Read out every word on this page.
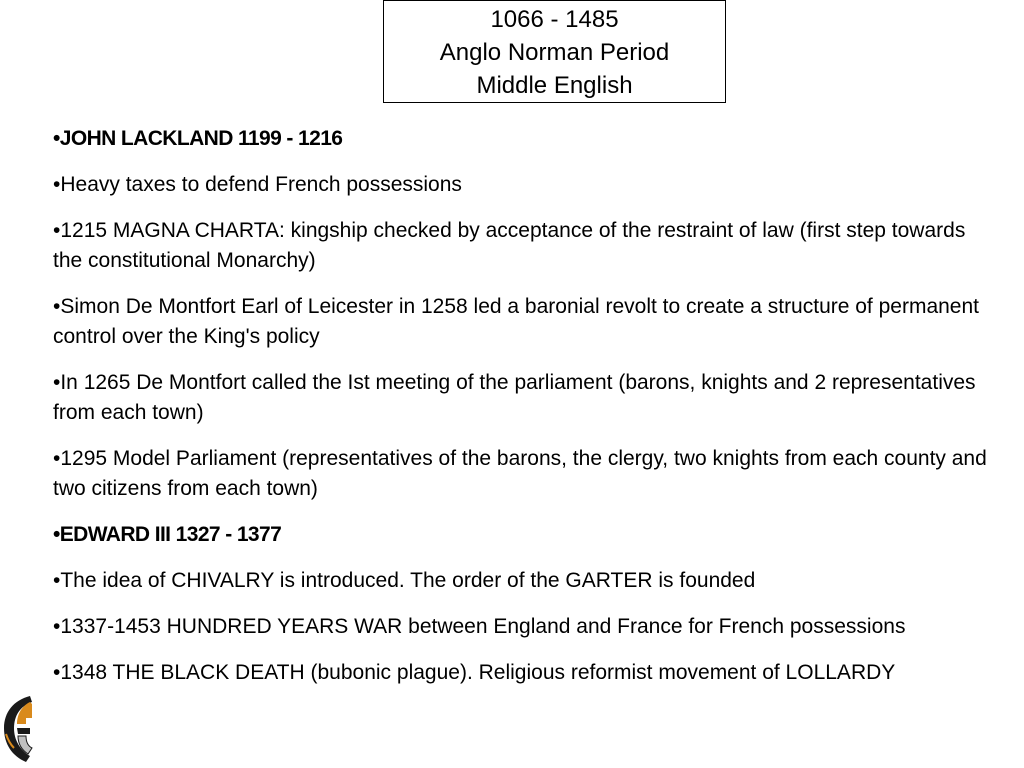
1066 - 1485
Anglo Norman Period
Middle English
•JOHN LACKLAND 1199 - 1216
•Heavy taxes to defend French possessions
•1215 MAGNA CHARTA: kingship checked by acceptance of the restraint of law (first step towards the constitutional Monarchy)
•Simon De Montfort Earl of Leicester in 1258 led a baronial revolt to create a structure of permanent control over the King's policy
•In 1265 De Montfort called the Ist meeting of the parliament (barons, knights and 2 representatives from each town)
•1295 Model Parliament (representatives of the barons, the clergy, two knights from each county and two citizens from each town)
•EDWARD III 1327 - 1377
•The idea of CHIVALRY is introduced. The order of the GARTER is founded
•1337-1453 HUNDRED YEARS WAR between England and France for French possessions
•1348 THE BLACK DEATH (bubonic plague). Religious reformist movement of LOLLARDY
